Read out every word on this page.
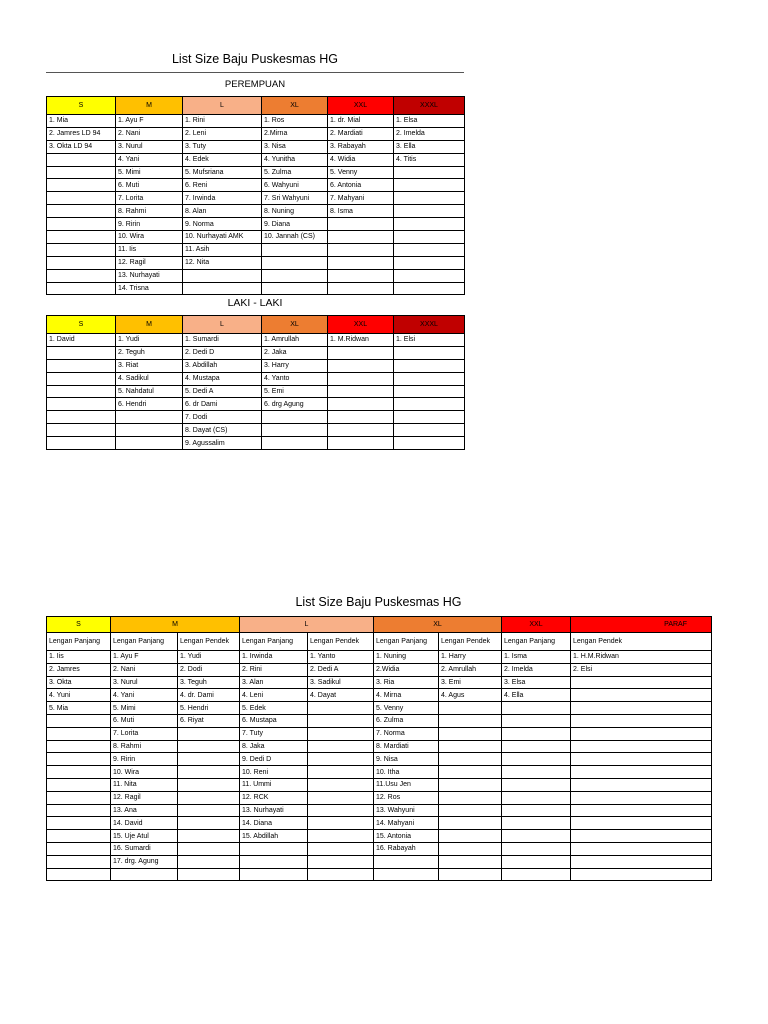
List Size Baju Puskesmas HG
PEREMPUAN
S	M	L	XL	XXL	XXXL
1. Mia	1. Ayu F	1. Rini	1. Ros	1. dr. Mial	1. Elsa
2. Jamres LD 94	2. Nani	2. Leni	2.Mirna	2. Mardiati	2. Imelda
3. Okta LD 94	3. Nurul	3. Tuty	3. Nisa	3. Rabayah	3. Ella
	4. Yani	4. Edek	4. Yunitha	4. Widia	4. Titis
	5. Mimi	5. Mufsriana	5. Zulma	5. Venny	
	6. Muti	6. Reni	6. Wahyuni	6. Antonia	
	7. Lorita	7. Irwinda	7. Sri Wahyuni	7. Mahyani	
	8. Rahmi	8. Alan	8. Nuning	8. Isma	
	9. Ririn	9. Norma	9. Diana		
	10. Wira	10. Nurhayati AMK	10. Jannah (CS)		
	11. Iis	11. Asih			
	12. Ragil	12. Nita			
	13. Nurhayati				
	14. Trisna				
LAKI - LAKI
S	M	L	XL	XXL	XXXL
1. David	1. Yudi	1. Sumardi	1. Amrullah	1. M.Ridwan	1. Elsi
	2. Teguh	2. Dedi D	2. Jaka		
	3. Riat	3. Abdillah	3. Harry		
	4. Sadikul	4. Mustapa	4. Yanto		
	5. Nahdatul	5. Dedi A	5. Emi		
	6. Hendri	6. dr Dami	6. drg Agung		
		7. Dodi			
		8. Dayat (CS)			
		9. Agussalim			
List Size Baju Puskesmas HG
S	M		L		XL		XXL	PARAF
Lengan Panjang	Lengan Panjang	Lengan Pendek	Lengan Panjang	Lengan Pendek	Lengan Panjang	Lengan Pendek	Lengan Panjang	Lengan Pendek
1. Iis	1. Ayu F	1. Yudi	1. Irwinda	1. Yanto	1. Nuning	1. Harry	1. Isma	1. H.M.Ridwan
2. Jamres	2. Nani	2. Dodi	2. Rini	2. Dedi A	2.Widia	2. Amrullah	2. Imelda	2. Elsi
3. Okta	3. Nurul	3. Teguh	3. Alan	3. Sadikul	3. Ria	3. Emi	3. Elsa	
4. Yuni	4. Yani	4. dr. Dami	4. Leni	4. Dayat	4. Mirna	4. Agus	4. Ella	
5. Mia	5. Mimi	5. Hendri	5. Edek		5. Venny			
	6. Muti	6. Riyat	6. Mustapa		6. Zulma			
	7. Lorita		7. Tuty		7. Norma			
	8. Rahmi		8. Jaka		8. Mardiati			
	9. Ririn		9. Dedi D		9. Nisa			
	10. Wira		10. Reni		10. Itha			
	11. Nita		11. Ummi		11.Usu Jen			
	12. Ragil		12. RCK		12. Ros			
	13. Ana		13. Nurhayati		13. Wahyuni			
	14. David		14. Diana		14. Mahyani			
	15. Uje Atul		15. Abdillah		15. Antonia			
	16. Sumardi				16. Rabayah			
	17. drg. Agung							
